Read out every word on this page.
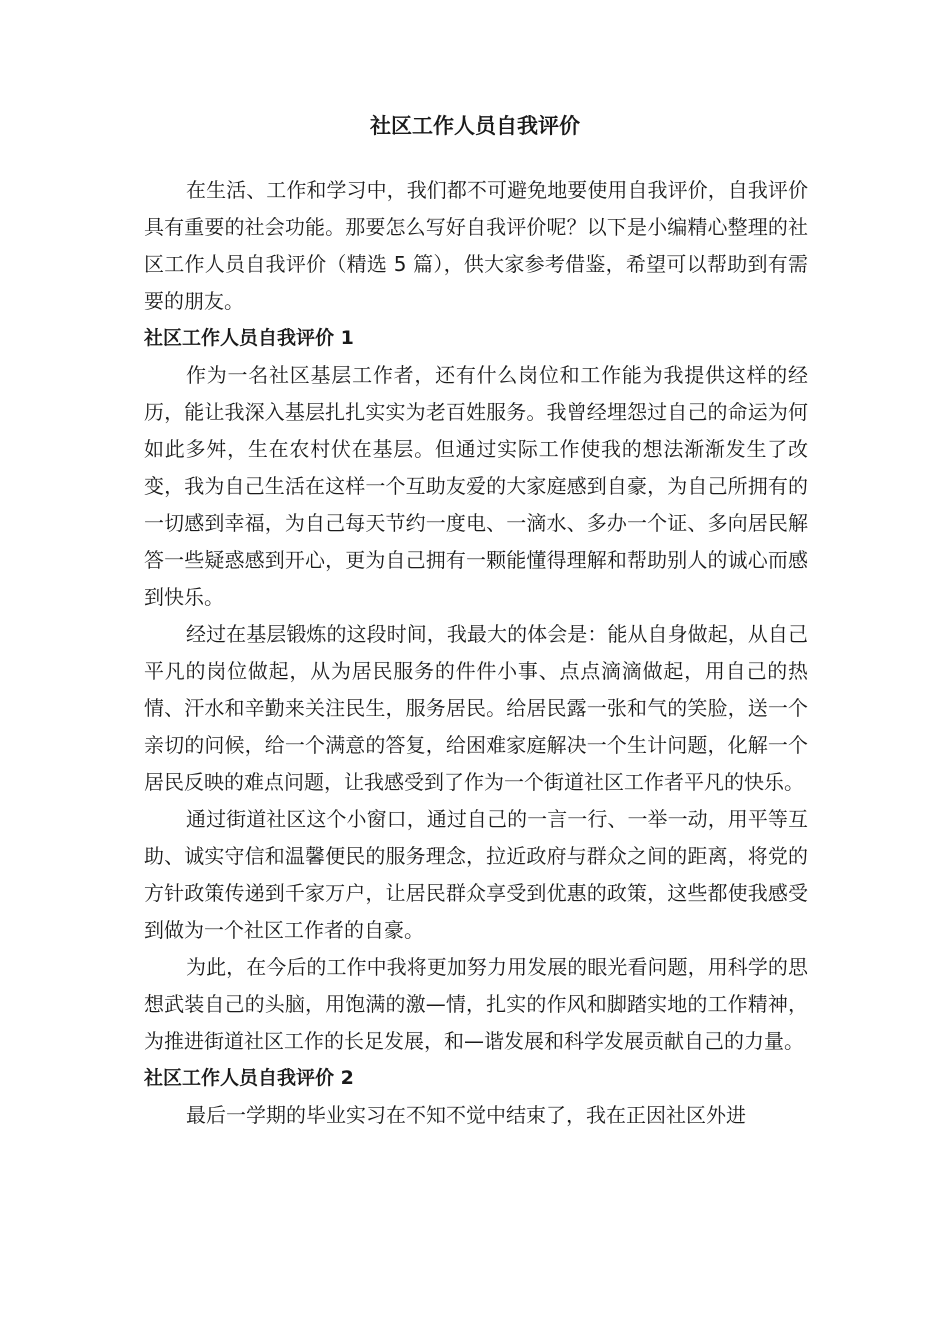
社区工作人员自我评价

在生活、工作和学习中，我们都不可避免地要使用自我评价，自我评价具有重要的社会功能。那要怎么写好自我评价呢？以下是小编精心整理的社区工作人员自我评价（精选 5 篇），供大家参考借鉴，希望可以帮助到有需要的朋友。

社区工作人员自我评价 1

作为一名社区基层工作者，还有什么岗位和工作能为我提供这样的经历，能让我深入基层扎扎实实为老百姓服务。我曾经埋怨过自己的命运为何如此多舛，生在农村伏在基层。但通过实际工作使我的想法渐渐发生了改变，我为自己生活在这样一个互助友爱的大家庭感到自豪，为自己所拥有的一切感到幸福，为自己每天节约一度电、一滴水、多办一个证、多向居民解答一些疑惑感到开心，更为自己拥有一颗能懂得理解和帮助别人的诚心而感到快乐。

经过在基层锻炼的这段时间，我最大的体会是：能从自身做起，从自己平凡的岗位做起，从为居民服务的件件小事、点点滴滴做起，用自己的热情、汗水和辛勤来关注民生，服务居民。给居民露一张和气的笑脸，送一个亲切的问候，给一个满意的答复，给困难家庭解决一个生计问题，化解一个居民反映的难点问题，让我感受到了作为一个街道社区工作者平凡的快乐。

通过街道社区这个小窗口，通过自己的一言一行、一举一动，用平等互助、诚实守信和温馨便民的服务理念，拉近政府与群众之间的距离，将党的方针政策传递到千家万户，让居民群众享受到优惠的政策，这些都使我感受到做为一个社区工作者的自豪。

为此，在今后的工作中我将更加努力用发展的眼光看问题，用科学的思想武装自己的头脑，用饱满的激—情，扎实的作风和脚踏实地的工作精神，为推进街道社区工作的长足发展，和—谐发展和科学发展贡献自己的力量。

社区工作人员自我评价 2

最后一学期的毕业实习在不知不觉中结束了，我在正因社区外进
